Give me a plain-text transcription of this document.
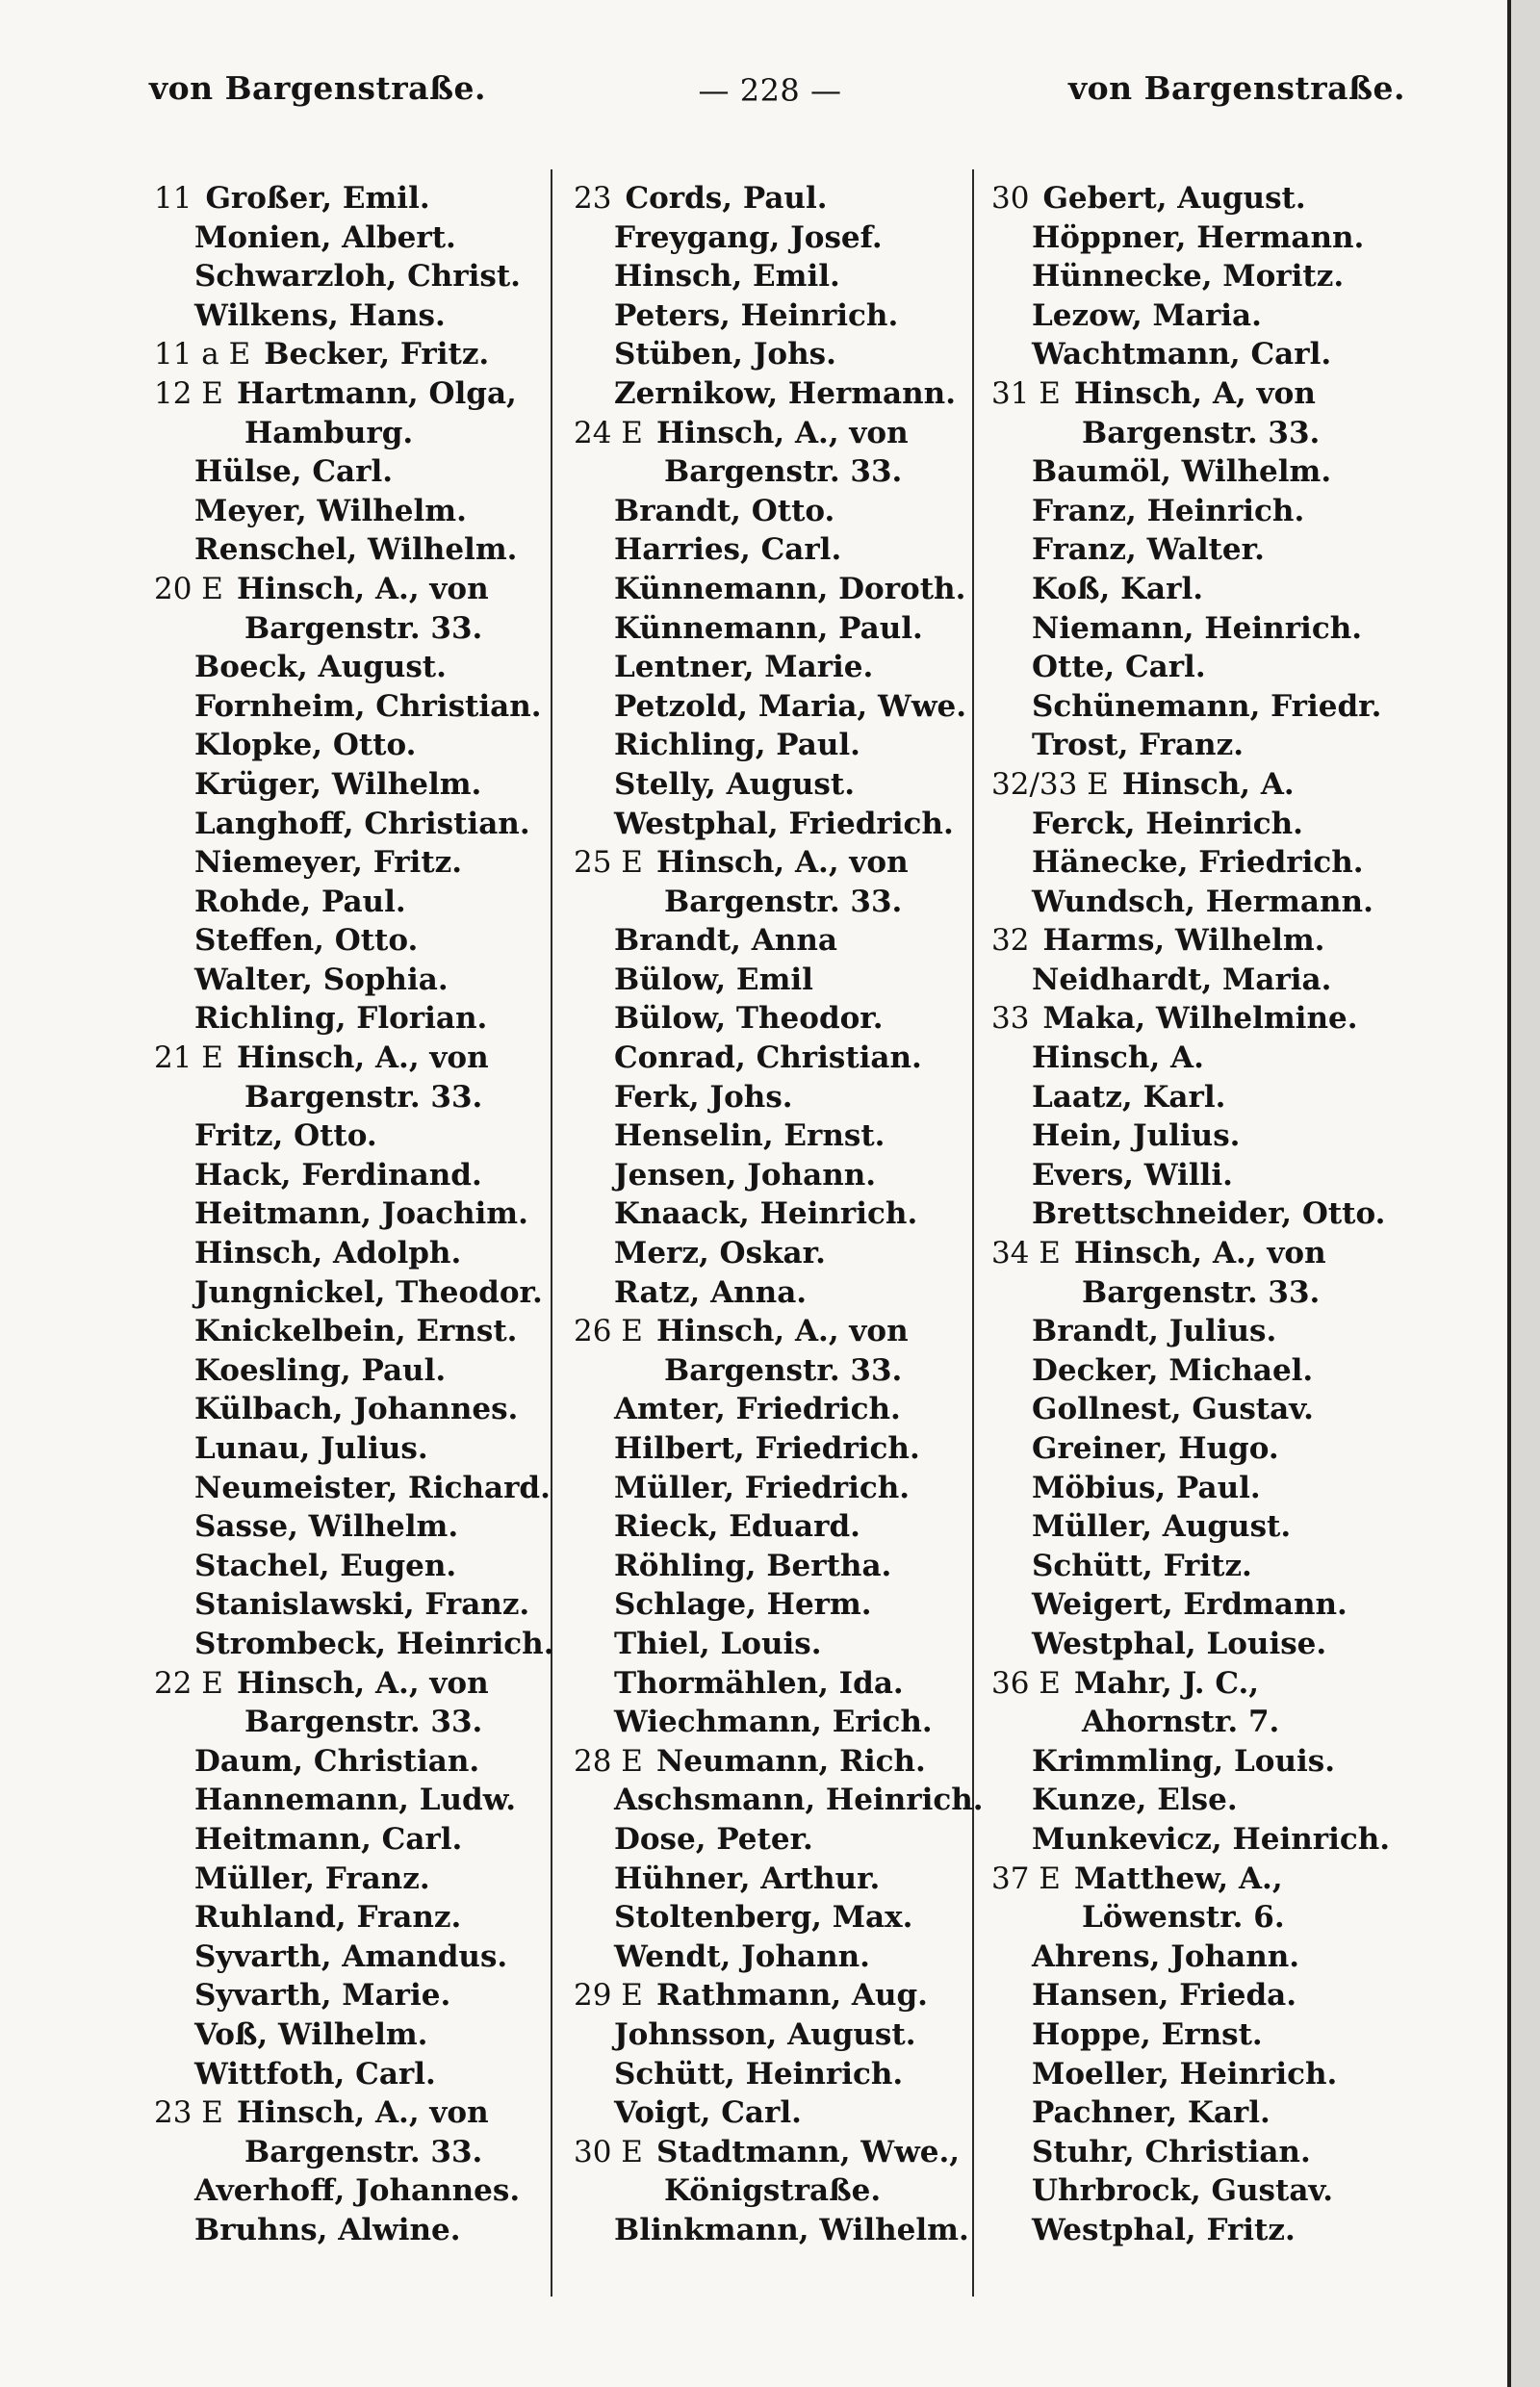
von Bargenstraße.	— 228 —	von Bargenstraße.
11 Großer, Emil.
Monien, Albert.
Schwarzloh, Christ.
Wilkens, Hans.
11 a E Becker, Fritz.
12 E Hartmann, Olga,
Hamburg.
Hülse, Carl.
Meyer, Wilhelm.
Renschel, Wilhelm.
20 E Hinsch, A., von
Bargenstr. 33.
Boeck, August.
Fornheim, Christian.
Klopke, Otto.
Krüger, Wilhelm.
Langhoff, Christian.
Niemeyer, Fritz.
Rohde, Paul.
Steffen, Otto.
Walter, Sophia.
Richling, Florian.
21 E Hinsch, A., von
Bargenstr. 33.
Fritz, Otto.
Hack, Ferdinand.
Heitmann, Joachim.
Hinsch, Adolph.
Jungnickel, Theodor.
Knickelbein, Ernst.
Koesling, Paul.
Külbach, Johannes.
Lunau, Julius.
Neumeister, Richard.
Sasse, Wilhelm.
Stachel, Eugen.
Stanislawski, Franz.
Strombeck, Heinrich.
22 E Hinsch, A., von
Bargenstr. 33.
Daum, Christian.
Hannemann, Ludw.
Heitmann, Carl.
Müller, Franz.
Ruhland, Franz.
Syvarth, Amandus.
Syvarth, Marie.
Voß, Wilhelm.
Wittfoth, Carl.
23 E Hinsch, A., von
Bargenstr. 33.
Averhoff, Johannes.
Bruhns, Alwine.
23 Cords, Paul.
Freygang, Josef.
Hinsch, Emil.
Peters, Heinrich.
Stüben, Johs.
Zernikow, Hermann.
24 E Hinsch, A., von
Bargenstr. 33.
Brandt, Otto.
Harries, Carl.
Künnemann, Doroth.
Künnemann, Paul.
Lentner, Marie.
Petzold, Maria, Wwe.
Richling, Paul.
Stelly, August.
Westphal, Friedrich.
25 E Hinsch, A., von
Bargenstr. 33.
Brandt, Anna
Bülow, Emil
Bülow, Theodor.
Conrad, Christian.
Ferk, Johs.
Henselin, Ernst.
Jensen, Johann.
Knaack, Heinrich.
Merz, Oskar.
Ratz, Anna.
26 E Hinsch, A., von
Bargenstr. 33.
Amter, Friedrich.
Hilbert, Friedrich.
Müller, Friedrich.
Rieck, Eduard.
Röhling, Bertha.
Schlage, Herm.
Thiel, Louis.
Thormählen, Ida.
Wiechmann, Erich.
28 E Neumann, Rich.
Aschsmann, Heinrich.
Dose, Peter.
Hühner, Arthur.
Stoltenberg, Max.
Wendt, Johann.
29 E Rathmann, Aug.
Johnsson, August.
Schütt, Heinrich.
Voigt, Carl.
30 E Stadtmann, Wwe.,
Königstraße.
Blinkmann, Wilhelm.
30 Gebert, August.
Höppner, Hermann.
Hünnecke, Moritz.
Lezow, Maria.
Wachtmann, Carl.
31 E Hinsch, A, von
Bargenstr. 33.
Baumöl, Wilhelm.
Franz, Heinrich.
Franz, Walter.
Koß, Karl.
Niemann, Heinrich.
Otte, Carl.
Schünemann, Friedr.
Trost, Franz.
32/33 E Hinsch, A.
Ferck, Heinrich.
Hänecke, Friedrich.
Wundsch, Hermann.
32 Harms, Wilhelm.
Neidhardt, Maria.
33 Maka, Wilhelmine.
Hinsch, A.
Laatz, Karl.
Hein, Julius.
Evers, Willi.
Brettschneider, Otto.
34 E Hinsch, A., von
Bargenstr. 33.
Brandt, Julius.
Decker, Michael.
Gollnest, Gustav.
Greiner, Hugo.
Möbius, Paul.
Müller, August.
Schütt, Fritz.
Weigert, Erdmann.
Westphal, Louise.
36 E Mahr, J. C.,
Ahornstr. 7.
Krimmling, Louis.
Kunze, Else.
Munkevicz, Heinrich.
37 E Matthew, A.,
Löwenstr. 6.
Ahrens, Johann.
Hansen, Frieda.
Hoppe, Ernst.
Moeller, Heinrich.
Pachner, Karl.
Stuhr, Christian.
Uhrbrock, Gustav.
Westphal, Fritz.
